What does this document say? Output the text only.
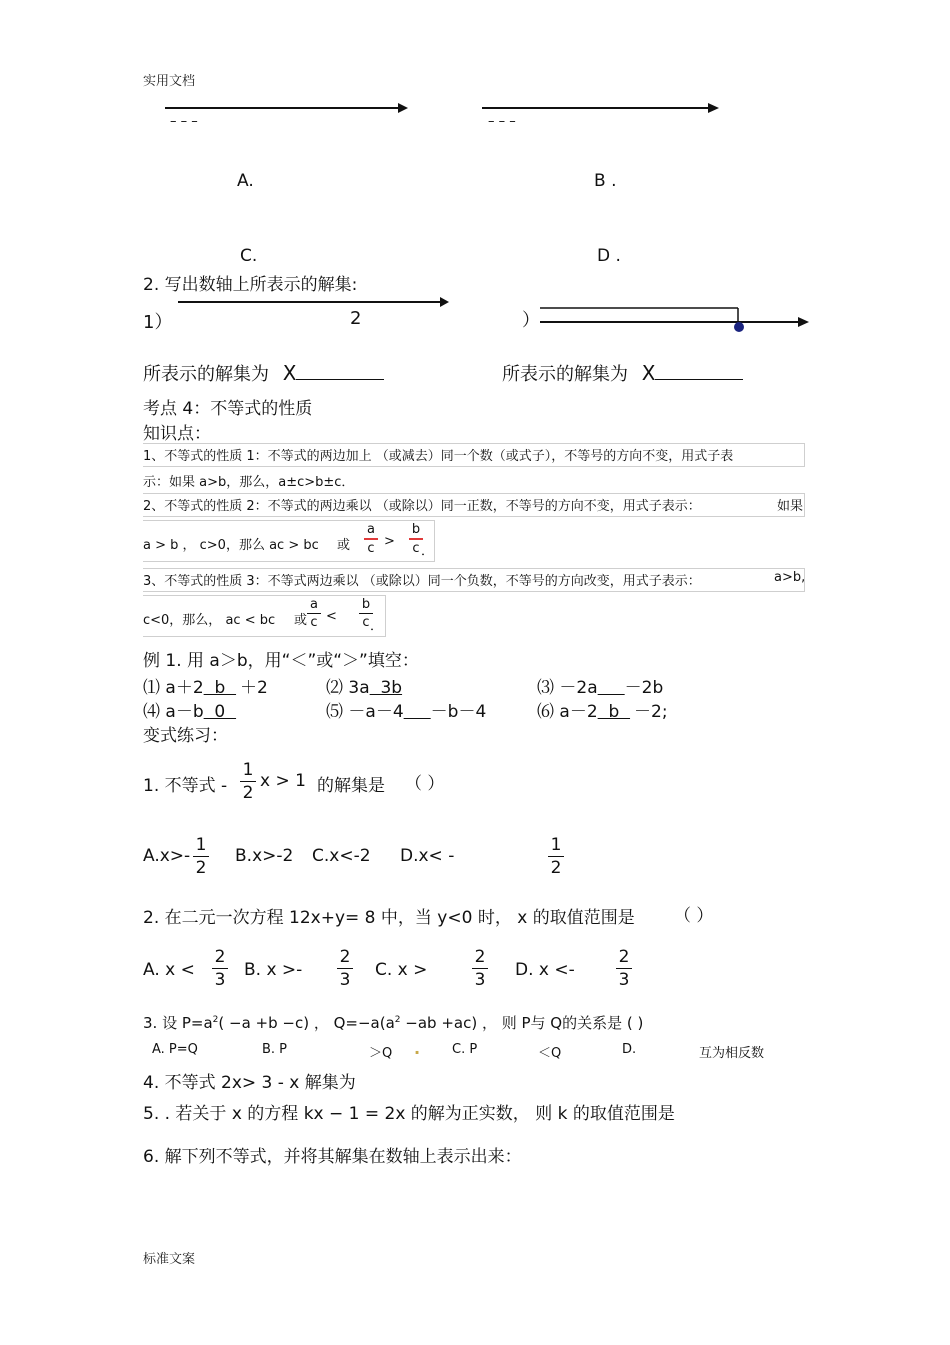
实用文档
– – –	– – –
A.	B .
C.	D .
2. 写出数轴上所表示的解集:
1）	2	）
所表示的解集为 X	所表示的解集为 X
考点 4：不等式的性质
知识点：
1、不等式的性质 1：不等式的两边加上 （或减去）同一个数（或式子），不等号的方向不变，用式子表
示：如果 a>b，那么，a±c>b±c．
2、不等式的性质 2：不等式的两边乘以 （或除以）同一正数，不等号的方向不变，用式子表示：	如果
a > b ， c>0，那么 ac > bc 或
a
c >
b
c ．
3、不等式的性质 3：不等式两边乘以 （或除以）同一个负数，不等号的方向改变，用式子表示：	a>b,
c<0，那么， ac < bc 或
a
c <
b
c ．
例 1. 用 a＞b，用“＜”或“＞”填空：
⑴ a＋2  b  ＋2	⑵ 3a  3b	⑶ －2a －2b
⑷ a－b  0	⑸ －a－4 －b－4	⑹ a－2  b  －2;
变式练习：
1. 不等式 -
1
2
x > 1 的解集是 （ ）
A.x>-
1
2
B.x>-2 C.x<-2 D.x< -
1
2
2. 在二元一次方程 12x+y= 8 中，当 y<0 时， x 的取值范围是 （ ）
A. x <
2
3 B. x >-
2
3 C. x >
2
3 D. x <-
2
3
3. 设 $P=a^2( -a +b -c)$ ， $Q=-a(a^2 -ab +ac)$ ， 则 P与 Q的关系是 ( )
A. P=Q	B. P	＞Q . C. P	＜Q	D.	互为相反数
4. 不等式 2x> 3 - x 解集为
5. . 若关于 x 的方程 kx − 1 = 2x 的解为正实数， 则 k 的取值范围是
6. 解下列不等式，并将其解集在数轴上表示出来：
标准文案
